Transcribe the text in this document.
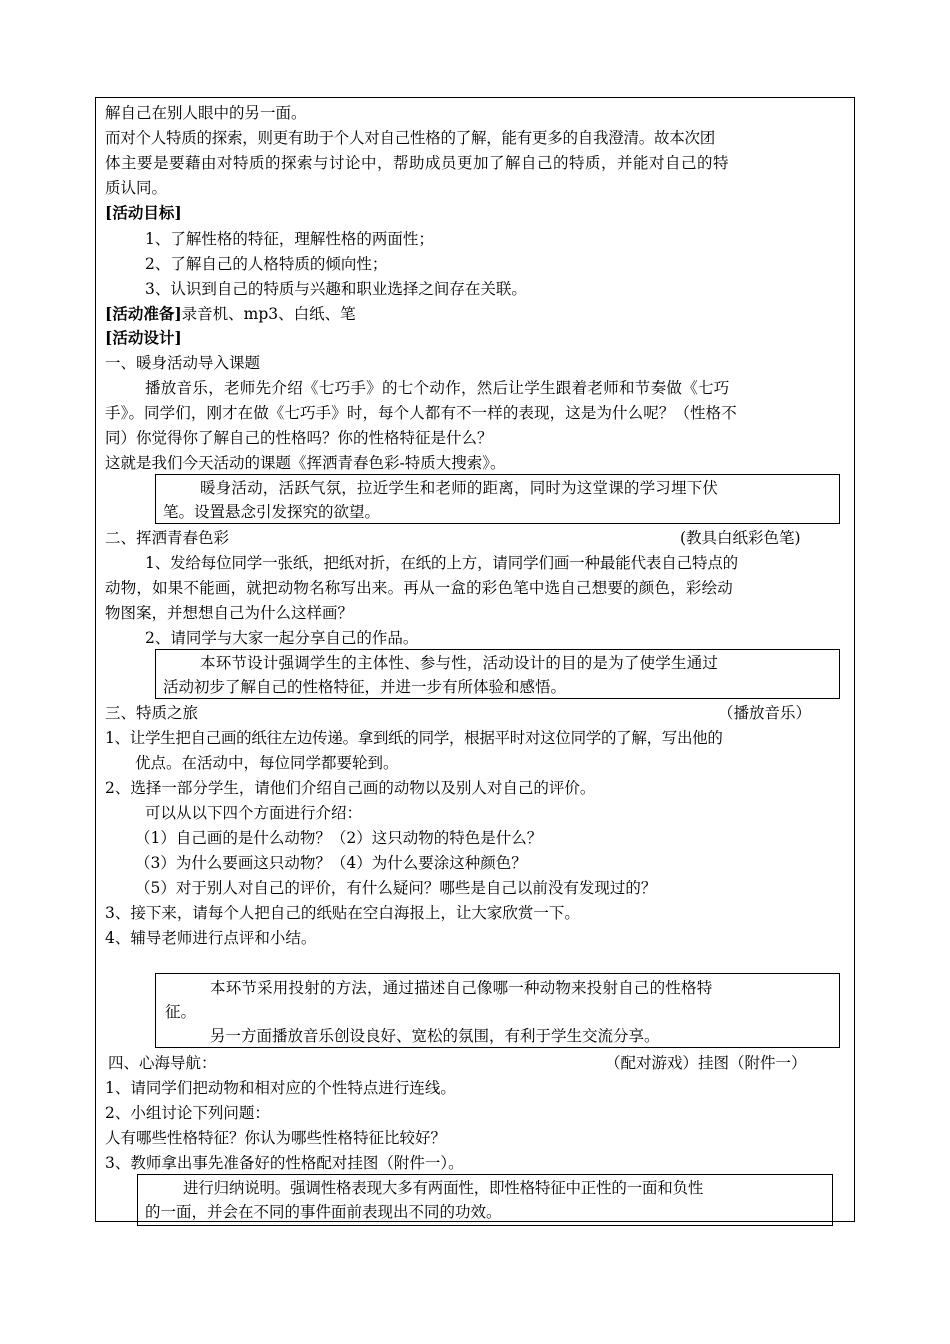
解自己在别人眼中的另一面。
而对个人特质的探索，则更有助于个人对自己性格的了解，能有更多的自我澄清。故本次团
体主要是要藉由对特质的探索与讨论中，帮助成员更加了解自己的特质，并能对自己的特
质认同。
[活动目标]
1、了解性格的特征，理解性格的两面性；
2、了解自己的人格特质的倾向性；
3、认识到自己的特质与兴趣和职业选择之间存在关联。
[活动准备]录音机、mp3、白纸、笔
[活动设计]
一、暖身活动导入课题
播放音乐，老师先介绍《七巧手》的七个动作，然后让学生跟着老师和节奏做《七巧
手》。同学们，刚才在做《七巧手》时，每个人都有不一样的表现，这是为什么呢？（性格不
同）你觉得你了解自己的性格吗？你的性格特征是什么？
这就是我们今天活动的课题《挥洒青春色彩-特质大搜索》。
暖身活动，活跃气氛，拉近学生和老师的距离，同时为这堂课的学习埋下伏
笔。设置悬念引发探究的欲望。
二、挥洒青春色彩	(教具白纸彩色笔)
1、发给每位同学一张纸，把纸对折，在纸的上方，请同学们画一种最能代表自己特点的
动物，如果不能画，就把动物名称写出来。再从一盒的彩色笔中选自己想要的颜色，彩绘动
物图案，并想想自己为什么这样画？
2、请同学与大家一起分享自己的作品。
本环节设计强调学生的主体性、参与性，活动设计的目的是为了使学生通过
活动初步了解自己的性格特征，并进一步有所体验和感悟。
三、特质之旅	（播放音乐）
1、让学生把自己画的纸往左边传递。拿到纸的同学，根据平时对这位同学的了解，写出他的
优点。在活动中，每位同学都要轮到。
2、选择一部分学生，请他们介绍自己画的动物以及别人对自己的评价。
可以从以下四个方面进行介绍：
（1）自己画的是什么动物？（2）这只动物的特色是什么？
（3）为什么要画这只动物？（4）为什么要涂这种颜色？
（5）对于别人对自己的评价，有什么疑问？哪些是自己以前没有发现过的？
3、接下来，请每个人把自己的纸贴在空白海报上，让大家欣赏一下。
4、辅导老师进行点评和小结。
本环节采用投射的方法，通过描述自己像哪一种动物来投射自己的性格特
征。
另一方面播放音乐创设良好、宽松的氛围，有利于学生交流分享。
四、心海导航：	（配对游戏）挂图（附件一）
1、请同学们把动物和相对应的个性特点进行连线。
2、小组讨论下列问题：
人有哪些性格特征？你认为哪些性格特征比较好？
3、教师拿出事先准备好的性格配对挂图（附件一）。
进行归纳说明。强调性格表现大多有两面性，即性格特征中正性的一面和负性
的一面，并会在不同的事件面前表现出不同的功效。
